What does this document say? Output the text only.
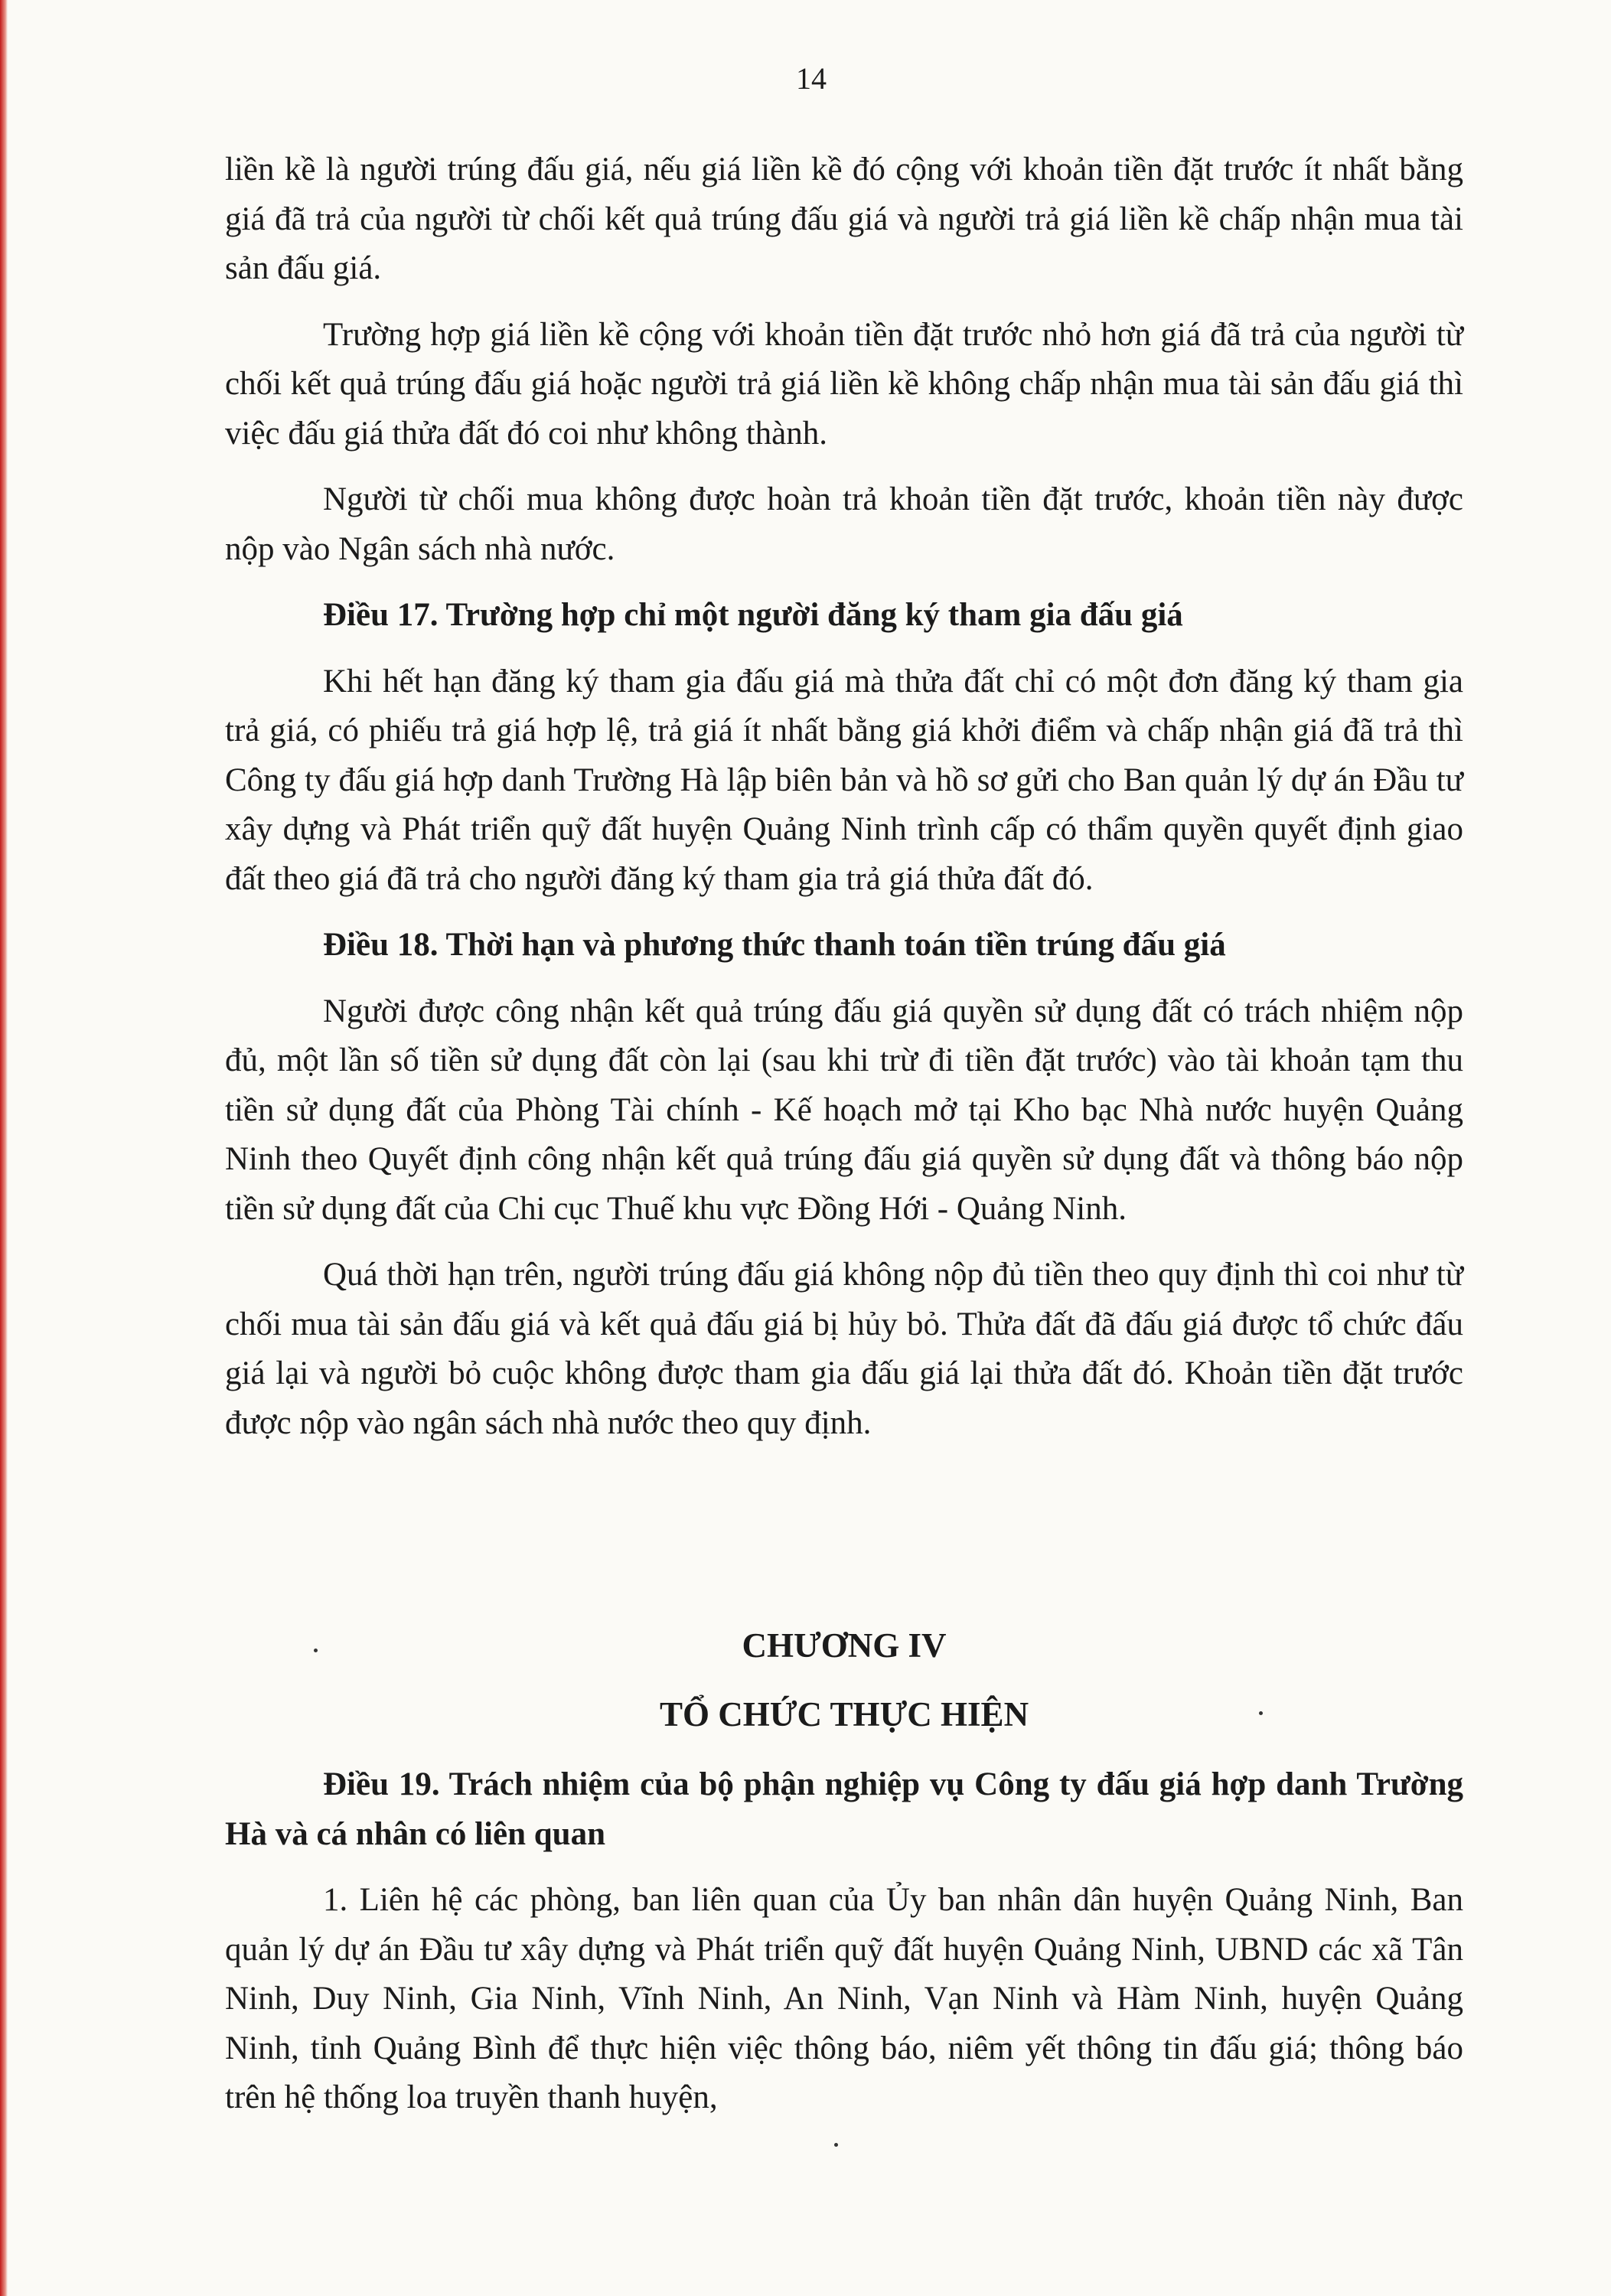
14

liền kề là người trúng đấu giá, nếu giá liền kề đó cộng với khoản tiền đặt trước ít nhất bằng giá đã trả của người từ chối kết quả trúng đấu giá và người trả giá liền kề chấp nhận mua tài sản đấu giá.

Trường hợp giá liền kề cộng với khoản tiền đặt trước nhỏ hơn giá đã trả của người từ chối kết quả trúng đấu giá hoặc người trả giá liền kề không chấp nhận mua tài sản đấu giá thì việc đấu giá thửa đất đó coi như không thành.

Người từ chối mua không được hoàn trả khoản tiền đặt trước, khoản tiền này được nộp vào Ngân sách nhà nước.

Điều 17. Trường hợp chỉ một người đăng ký tham gia đấu giá

Khi hết hạn đăng ký tham gia đấu giá mà thửa đất chỉ có một đơn đăng ký tham gia trả giá, có phiếu trả giá hợp lệ, trả giá ít nhất bằng giá khởi điểm và chấp nhận giá đã trả thì Công ty đấu giá hợp danh Trường Hà lập biên bản và hồ sơ gửi cho Ban quản lý dự án Đầu tư xây dựng và Phát triển quỹ đất huyện Quảng Ninh trình cấp có thẩm quyền quyết định giao đất theo giá đã trả cho người đăng ký tham gia trả giá thửa đất đó.

Điều 18. Thời hạn và phương thức thanh toán tiền trúng đấu giá

Người được công nhận kết quả trúng đấu giá quyền sử dụng đất có trách nhiệm nộp đủ, một lần số tiền sử dụng đất còn lại (sau khi trừ đi tiền đặt trước) vào tài khoản tạm thu tiền sử dụng đất của Phòng Tài chính - Kế hoạch mở tại Kho bạc Nhà nước huyện Quảng Ninh theo Quyết định công nhận kết quả trúng đấu giá quyền sử dụng đất và thông báo nộp tiền sử dụng đất của Chi cục Thuế khu vực Đồng Hới - Quảng Ninh.

Quá thời hạn trên, người trúng đấu giá không nộp đủ tiền theo quy định thì coi như từ chối mua tài sản đấu giá và kết quả đấu giá bị hủy bỏ. Thửa đất đã đấu giá được tổ chức đấu giá lại và người bỏ cuộc không được tham gia đấu giá lại thửa đất đó. Khoản tiền đặt trước được nộp vào ngân sách nhà nước theo quy định.

CHƯƠNG IV
TỔ CHỨC THỰC HIỆN

Điều 19. Trách nhiệm của bộ phận nghiệp vụ Công ty đấu giá hợp danh Trường Hà và cá nhân có liên quan

1. Liên hệ các phòng, ban liên quan của Ủy ban nhân dân huyện Quảng Ninh, Ban quản lý dự án Đầu tư xây dựng và Phát triển quỹ đất huyện Quảng Ninh, UBND các xã Tân Ninh, Duy Ninh, Gia Ninh, Vĩnh Ninh, An Ninh, Vạn Ninh và Hàm Ninh, huyện Quảng Ninh, tỉnh Quảng Bình để thực hiện việc thông báo, niêm yết thông tin đấu giá; thông báo trên hệ thống loa truyền thanh huyện,
